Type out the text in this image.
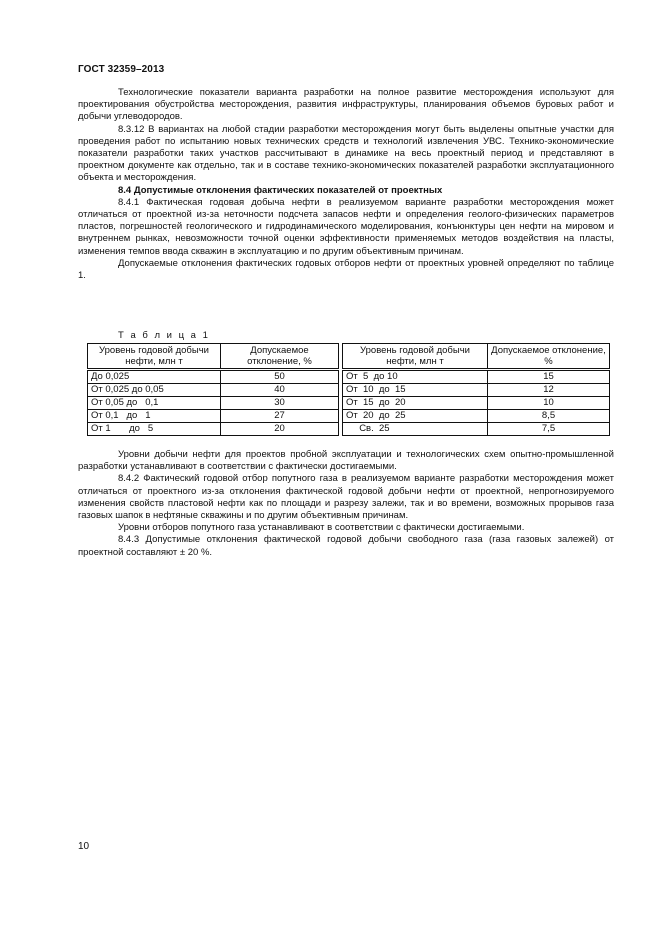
ГОСТ 32359–2013

Технологические показатели варианта разработки на полное развитие месторождения используют для проектирования обустройства месторождения, развития инфраструктуры, планирования объемов буровых работ и добычи углеводородов.

8.3.12 В вариантах на любой стадии разработки месторождения могут быть выделены опытные участки для проведения работ по испытанию новых технических средств и технологий извлечения УВС. Технико-экономические показатели разработки таких участков рассчитывают в динамике на весь проектный период и представляют в проектном документе как отдельно, так и в составе технико-экономических показателей разработки эксплуатационного объекта и месторождения.

8.4 Допустимые отклонения фактических показателей от проектных

8.4.1 Фактическая годовая добыча нефти в реализуемом варианте разработки месторождения может отличаться от проектной из-за неточности подсчета запасов нефти и определения геолого-физических параметров пластов, погрешностей геологического и гидродинамического моделирования, конъюнктуры цен нефти на мировом и внутреннем рынках, невозможности точной оценки эффективности применяемых методов воздействия на пласты, изменения темпов ввода скважин в эксплуатацию и по другим объективным причинам.

Допускаемые отклонения фактических годовых отборов нефти от проектных уровней определяют по таблице 1.

Т а б л и ц а 1
Уровень годовой добычи нефти, млн т	Допускаемое отклонение, %
До 0,025	50
От 0,025 до 0,05	40
От 0,05 до   0,1	30
От 0,1   до   1	27
От 1       до   5	20
Уровень годовой добычи нефти, млн т	Допускаемое отклонение, %
От  5  до 10	15
От  10  до  15	12
От  15  до  20	10
От  20  до  25	8,5
Св.  25	7,5

Уровни добычи нефти для проектов пробной эксплуатации и технологических схем опытно-промышленной разработки устанавливают в соответствии с фактически достигаемыми.

8.4.2 Фактический годовой отбор попутного газа в реализуемом варианте разработки месторождения может отличаться от проектного из-за отклонения фактической годовой добычи нефти от проектной, непрогнозируемого изменения свойств пластовой нефти как по площади и разрезу залежи, так и во времени, возможных прорывов газа газовых шапок в нефтяные скважины и по другим объективным причинам.

Уровни отборов попутного газа устанавливают в соответствии с фактически достигаемыми.

8.4.3 Допустимые отклонения фактической годовой добычи свободного газа (газа газовых залежей) от проектной составляют ± 20 %.

10
